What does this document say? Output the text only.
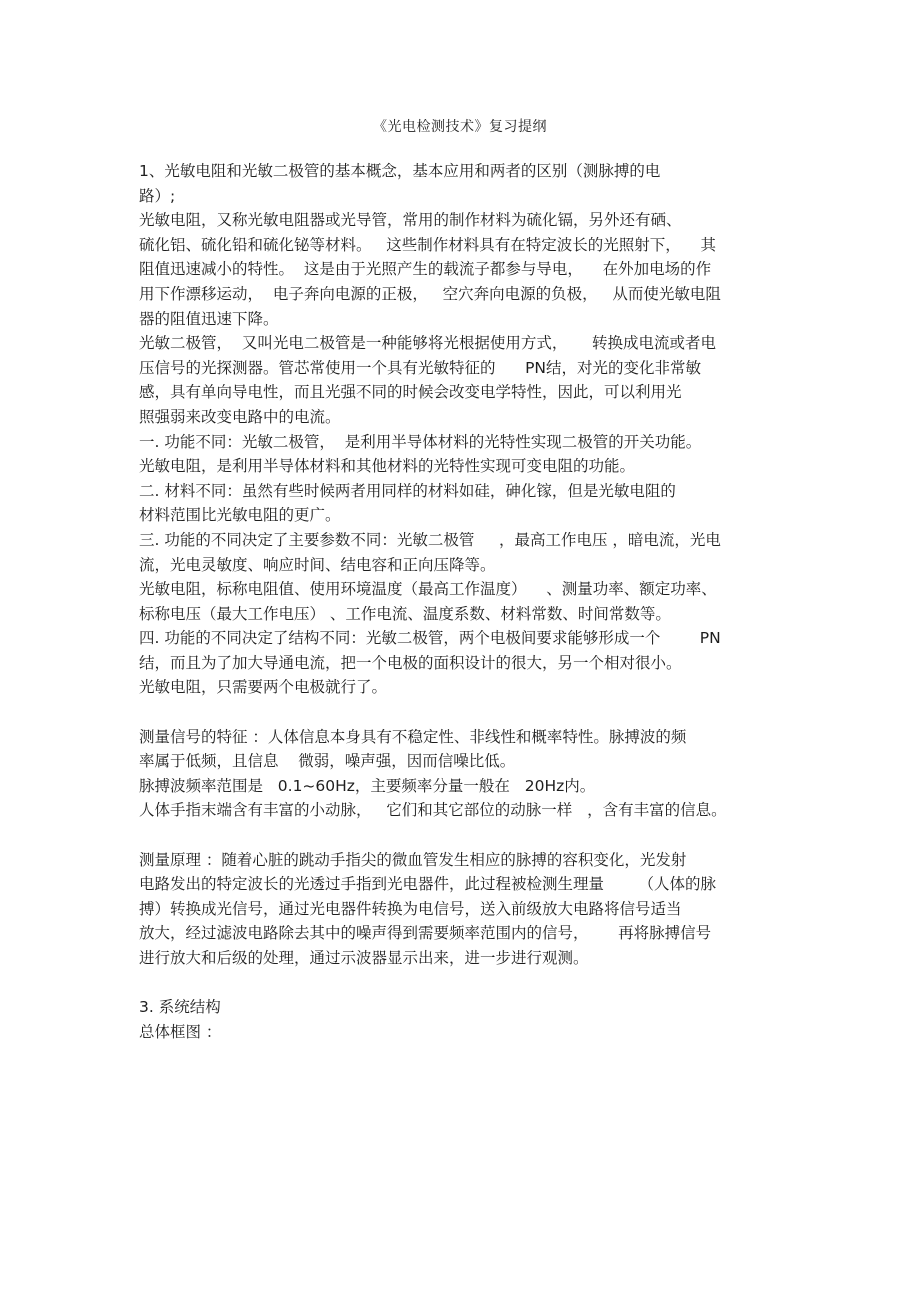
《光电检测技术》复习提纲
1、光敏电阻和光敏二极管的基本概念，基本应用和两者的区别（测脉搏的电
路）;
光敏电阻，又称光敏电阻器或光导管，常用的制作材料为硫化镉，另外还有硒、
硫化铝、硫化铅和硫化铋等材料。   这些制作材料具有在特定波长的光照射下，    其
阻值迅速减小的特性。  这是由于光照产生的载流子都参与导电，    在外加电场的作
用下作漂移运动，  电子奔向电源的正极，   空穴奔向电源的负极，   从而使光敏电阻
器的阻值迅速下降。
光敏二极管，  又叫光电二极管是一种能够将光根据使用方式，     转换成电流或者电
压信号的光探测器。管芯常使用一个具有光敏特征的      PN结，对光的变化非常敏
感，具有单向导电性，而且光强不同的时候会改变电学特性，因此，可以利用光
照强弱来改变电路中的电流。
一. 功能不同：光敏二极管，  是利用半导体材料的光特性实现二极管的开关功能。
光敏电阻，是利用半导体材料和其他材料的光特性实现可变电阻的功能。
二. 材料不同：虽然有些时候两者用同样的材料如硅，砷化镓，但是光敏电阻的
材料范围比光敏电阻的更广。
三. 功能的不同决定了主要参数不同：光敏二极管     ，最高工作电压 ，暗电流，光电
流，光电灵敏度、响应时间、结电容和正向压降等。
光敏电阻，标称电阻值、使用环境温度（最高工作温度）    、测量功率、额定功率、
标称电压（最大工作电压） 、工作电流、温度系数、材料常数、时间常数等。
四. 功能的不同决定了结构不同：光敏二极管，两个电极间要求能够形成一个        PN
结，而且为了加大导通电流，把一个电极的面积设计的很大，另一个相对很小。
光敏电阻，只需要两个电极就行了。
测量信号的特征 ：人体信息本身具有不稳定性、非线性和概率特性。脉搏波的频
率属于低频，且信息    微弱，噪声强，因而信噪比低。
脉搏波频率范围是   0.1~60Hz，主要频率分量一般在   20Hz内。
人体手指末端含有丰富的小动脉，   它们和其它部位的动脉一样   ，含有丰富的信息。
测量原理 ：随着心脏的跳动手指尖的微血管发生相应的脉搏的容积变化，光发射
电路发出的特定波长的光透过手指到光电器件，此过程被检测生理量       （人体的脉
搏）转换成光信号，通过光电器件转换为电信号，送入前级放大电路将信号适当
放大，经过滤波电路除去其中的噪声得到需要频率范围内的信号，      再将脉搏信号
进行放大和后级的处理，通过示波器显示出来，进一步进行观测。
3. 系统结构
总体框图 ：
